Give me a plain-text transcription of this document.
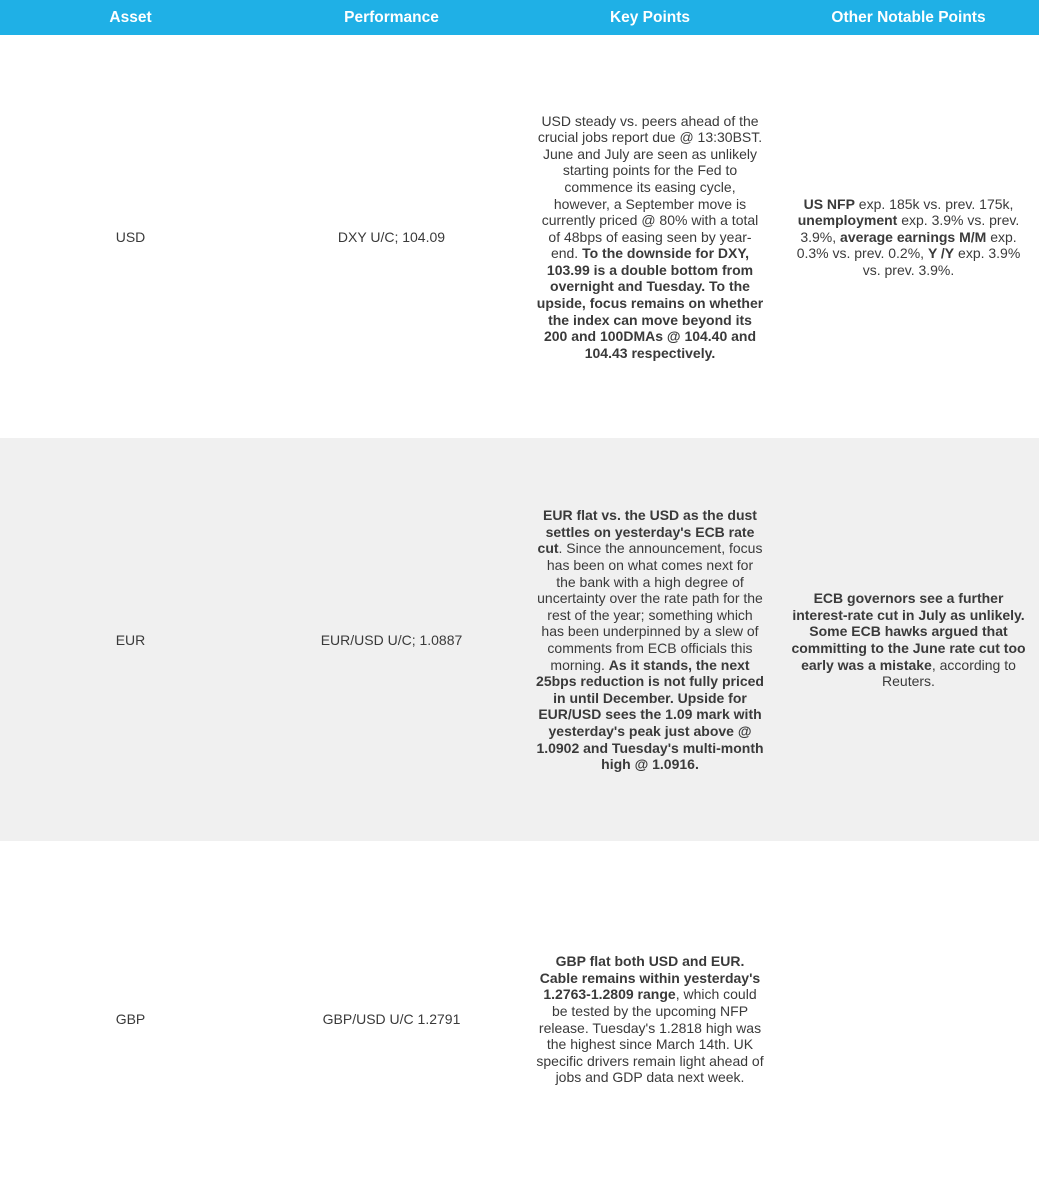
Asset	Performance	Key Points	Other Notable Points
USD	DXY U/C; 104.09	USD steady vs. peers ahead of the crucial jobs report due @ 13:30BST. June and July are seen as unlikely starting points for the Fed to commence its easing cycle, however, a September move is currently priced @ 80% with a total of 48bps of easing seen by year-end. To the downside for DXY, 103.99 is a double bottom from overnight and Tuesday. To the upside, focus remains on whether the index can move beyond its 200 and 100DMAs @ 104.40 and 104.43 respectively.	US NFP exp. 185k vs. prev. 175k, unemployment exp. 3.9% vs. prev. 3.9%, average earnings M/M exp. 0.3% vs. prev. 0.2%, Y /Y exp. 3.9% vs. prev. 3.9%.
EUR	EUR/USD U/C; 1.0887	EUR flat vs. the USD as the dust settles on yesterday's ECB rate cut. Since the announcement, focus has been on what comes next for the bank with a high degree of uncertainty over the rate path for the rest of the year; something which has been underpinned by a slew of comments from ECB officials this morning. As it stands, the next 25bps reduction is not fully priced in until December. Upside for EUR/USD sees the 1.09 mark with yesterday's peak just above @ 1.0902 and Tuesday's multi-month high @ 1.0916.	ECB governors see a further interest-rate cut in July as unlikely. Some ECB hawks argued that committing to the June rate cut too early was a mistake, according to Reuters.
GBP	GBP/USD U/C 1.2791	GBP flat both USD and EUR. Cable remains within yesterday's 1.2763-1.2809 range, which could be tested by the upcoming NFP release. Tuesday's 1.2818 high was the highest since March 14th. UK specific drivers remain light ahead of jobs and GDP data next week.	
